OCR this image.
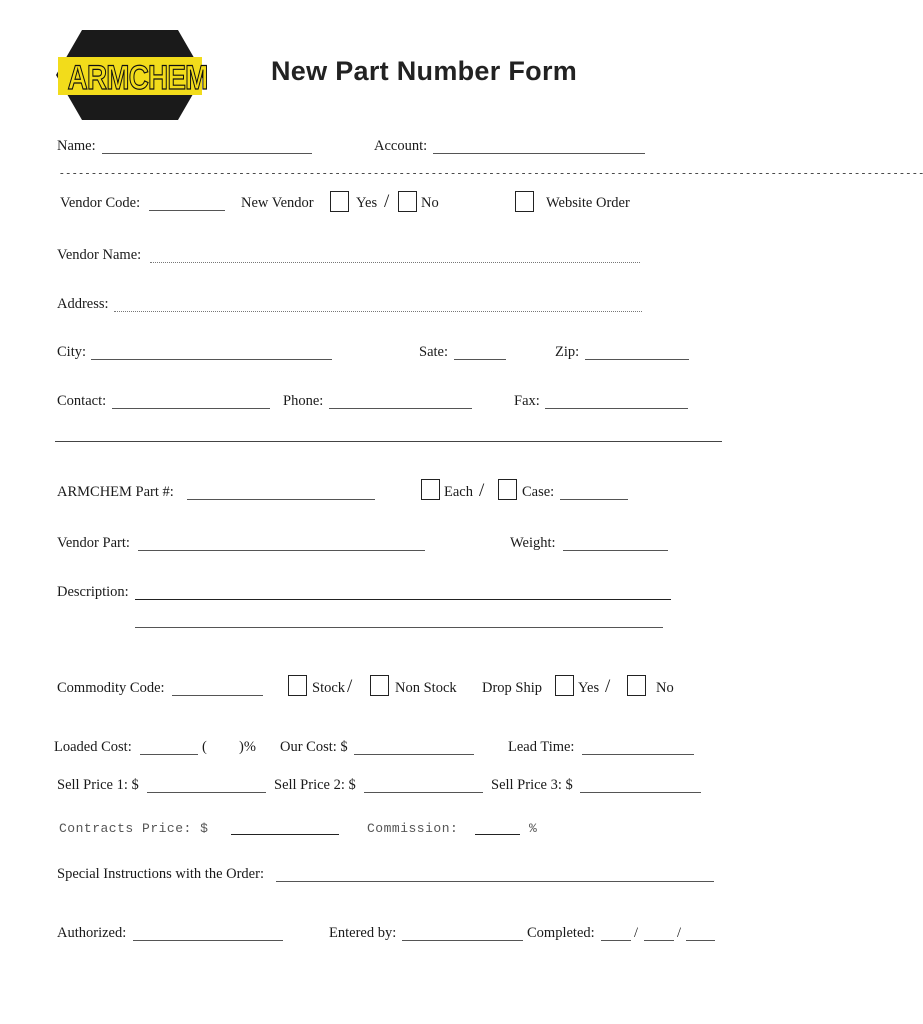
ARMCHEM New Part Number Form
Name:	Account:
- - - - - - - - - - - - - - - - - - - - - - - - - - - - - - - - - - - - - - - - - - - - - - - - - - - - - - - - - - - - - - - - - - - - - - - - - - - - - - - - - - - - - - - - - - - - - - - - - - - - - - - - - - - - - - - - - - - - - - - - - - - - - - - - - - - - - - -
Vendor Code:	New Vendor	Yes / No	Website Order
Vendor Name:
Address:
City:	Sate:	Zip:
Contact:	Phone:	Fax:
ARMCHEM Part #:	Each /	Case:
Vendor Part:	Weight:
Description:
Commodity Code:	Stock /	Non Stock Drop Ship Yes /	No
Loaded Cost:	( )% Our Cost: $	Lead Time:
Sell Price 1: $	Sell Price 2: $	Sell Price 3: $
Contracts Price: $	Commission:	%
Special Instructions with the Order:
Authorized:	Entered by:	Completed:	/	/
